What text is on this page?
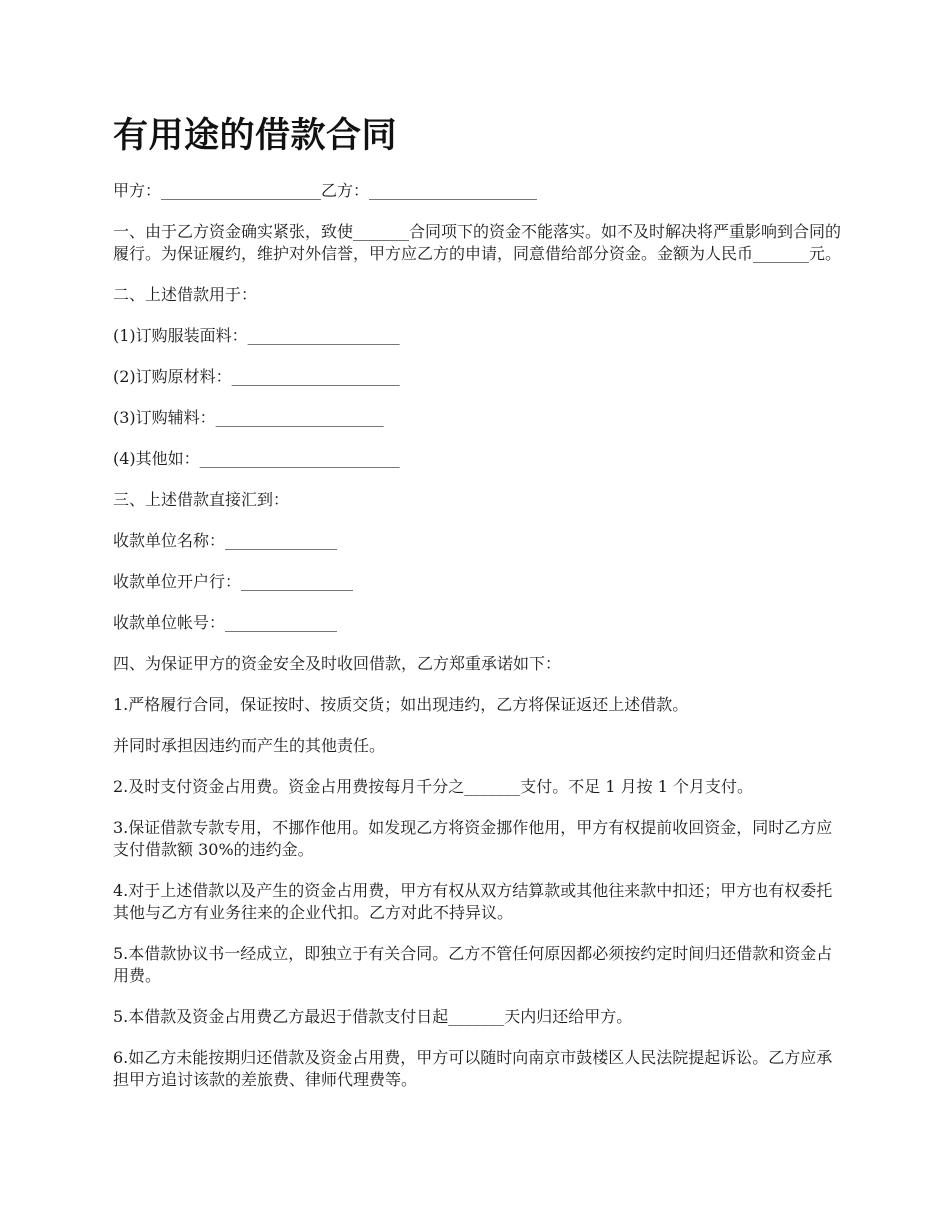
有用途的借款合同

甲方：____________________乙方：_____________________

一、由于乙方资金确实紧张，致使_______合同项下的资金不能落实。如不及时解决将严重影响到合同的履行。为保证履约，维护对外信誉，甲方应乙方的申请，同意借给部分资金。金额为人民币_______元。

二、上述借款用于：

(1)订购服装面料：___________________

(2)订购原材料：_____________________

(3)订购辅料：_____________________

(4)其他如：_________________________

三、上述借款直接汇到：

收款单位名称：______________

收款单位开户行：______________

收款单位帐号：______________

四、为保证甲方的资金安全及时收回借款，乙方郑重承诺如下：

1.严格履行合同，保证按时、按质交货；如出现违约，乙方将保证返还上述借款。

并同时承担因违约而产生的其他责任。

2.及时支付资金占用费。资金占用费按每月千分之_______支付。不足 1 月按 1 个月支付。

3.保证借款专款专用，不挪作他用。如发现乙方将资金挪作他用，甲方有权提前收回资金，同时乙方应支付借款额 30%的违约金。

4.对于上述借款以及产生的资金占用费，甲方有权从双方结算款或其他往来款中扣还；甲方也有权委托其他与乙方有业务往来的企业代扣。乙方对此不持异议。

5.本借款协议书一经成立，即独立于有关合同。乙方不管任何原因都必须按约定时间归还借款和资金占用费。

5.本借款及资金占用费乙方最迟于借款支付日起_______天内归还给甲方。

6.如乙方未能按期归还借款及资金占用费，甲方可以随时向南京市鼓楼区人民法院提起诉讼。乙方应承担甲方追讨该款的差旅费、律师代理费等。
